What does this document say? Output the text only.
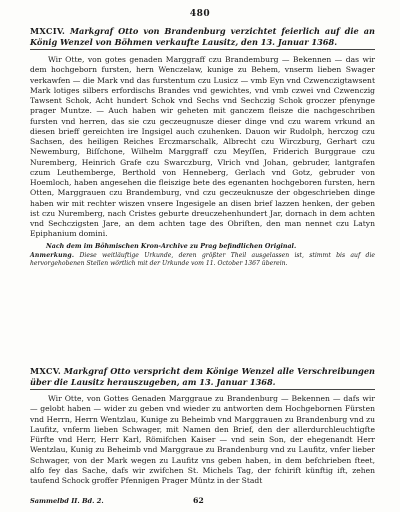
480
MXCIV. Markgraf Otto von Brandenburg verzichtet feierlich auf die an König Wenzel von Böhmen verkaufte Lausitz, den 13. Januar 1368.

Wir Otte, von gotes genaden Marggraff czu Brandemburg — Bekennen — das wir dem hochgeborn fursten, hern Wenczelaw, kunige zu Behem, vnserm lieben Swager verkawfen — die Mark vnd das furstentum czu Lusicz — vmb Eyn vnd Czwenczigtawsent Mark lotiges silbers erfordischs Brandes vnd gewichtes, vnd vmb czwei vnd Czwenczig Tawsent Schok, Acht hundert Schok vnd Sechs vnd Sechczig Schok groczer pfenynge prager Muntze. — Auch haben wir geheten mit ganczem fleisze die nachgeschriben fursten vnd herren, das sie czu geczeugnusze dieser dinge vnd czu warem vrkund an diesen brieff gereichten ire Ingsigel auch czuhenken. Dauon wir Rudolph, herczog czu Sachsen, des heiligen Reiches Erczmarschalk, Albrecht czu Wirczburg, Gerhart czu Newemburg, Biſſchone, Wilhelm Marggraff czu Meyſſen, Friderich Burggraue czu Nuremberg, Heinrich Grafe czu Swarczburg, Vlrich vnd Johan, gebruder, lantgrafen czum Leuthemberge, Berthold von Henneberg, Gerlach vnd Gotz, gebruder von Hoemloch, haben angesehen die fleiszige bete des egenanten hochgeboren fursten, hern Otten, Marggrauen czu Brandemburg, vnd czu geczeuknusze der obgeschrieben dinge haben wir mit rechter wiszen vnsere Ingesigele an disen brief lazzen henken, der geben ist czu Nuremberg, nach Cristes geburte dreuczehenhundert Jar, dornach in dem achten vnd Sechczigsten Jare, an dem achten tage des Obriſten, den man nennet czu Latyn Epiphanium domini.

Nach dem im Böhmischen Kron-Archive zu Prag befindlichen Original.
Anmerkung. Diese weitläuftige Urkunde, deren größter Theil ausgelassen ist, stimmt bis auf die hervorgehobenen Stellen wörtlich mit der Urkunde vom 11. October 1367 überein.
MXCV. Markgraf Otto verspricht dem Könige Wenzel alle Verschreibungen über die Lausitz herauszugeben, am 13. Januar 1368.

Wir Otte, von Gottes Genaden Marggraue zu Brandenburg — Bekennen — dafs wir — gelobt haben — wider zu geben vnd wieder zu antworten dem Hochgebornen Fürsten vnd Herrn, Herrn Wentzlau, Kunige zu Beheimb vnd Marggrauen zu Brandenburg vnd zu Laufitz, vnferm lieben Schwager, mit Namen den Brief, den der allerdurchleuchtigfte Fürfte vnd Herr, Herr Karl, Römifchen Kaiser — vnd sein Son, der ehegenandt Herr Wentzlau, Kunig zu Beheimb vnd Marggraue zu Brandenburg vnd zu Laufitz, vnfer lieber Schwager, von der Mark wegen zu Laufitz vns geben haben, in dem befchrieben fteet, alfo fey das Sache, dafs wir zwifchen St. Michels Tag, der fchirift künftig ift, zehen taufend Schock groffer Pfennigen Prager Müntz in der Stadt

Sammelbd II. Bd. 2.	62
